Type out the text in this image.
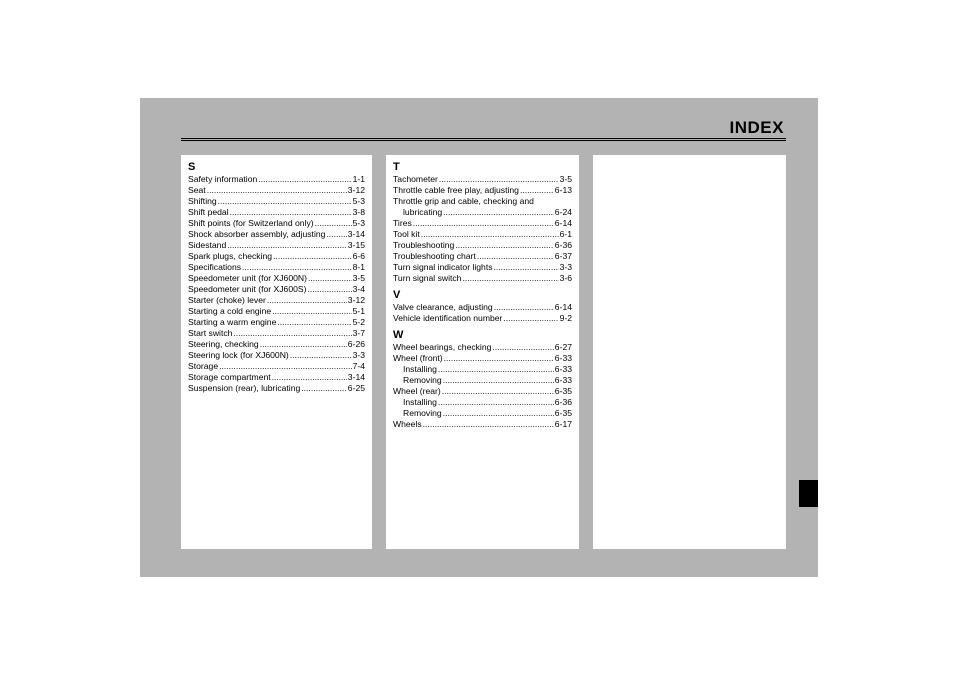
INDEX
S
Safety information .....	1-1
Seat .....	3-12
Shifting .....	5-3
Shift pedal .....	3-8
Shift points (for Switzerland only) .....	5-3
Shock absorber assembly, adjusting .....	3-14
Sidestand .....	3-15
Spark plugs, checking .....	6-6
Specifications .....	8-1
Speedometer unit (for XJ600N) .....	3-5
Speedometer unit (for XJ600S) .....	3-4
Starter (choke) lever .....	3-12
Starting a cold engine .....	5-1
Starting a warm engine .....	5-2
Start switch .....	3-7
Steering, checking .....	6-26
Steering lock (for XJ600N) .....	3-3
Storage .....	7-4
Storage compartment .....	3-14
Suspension (rear), lubricating .....	6-25
T
Tachometer .....	3-5
Throttle cable free play, adjusting .....	6-13
Throttle grip and cable, checking and
lubricating .....	6-24
Tires .....	6-14
Tool kit .....	6-1
Troubleshooting .....	6-36
Troubleshooting chart .....	6-37
Turn signal indicator lights .....	3-3
Turn signal switch .....	3-6
V
Valve clearance, adjusting .....	6-14
Vehicle identification number .....	9-2
W
Wheel bearings, checking .....	6-27
Wheel (front) .....	6-33
Installing .....	6-33
Removing .....	6-33
Wheel (rear) .....	6-35
Installing .....	6-36
Removing .....	6-35
Wheels .....	6-17
